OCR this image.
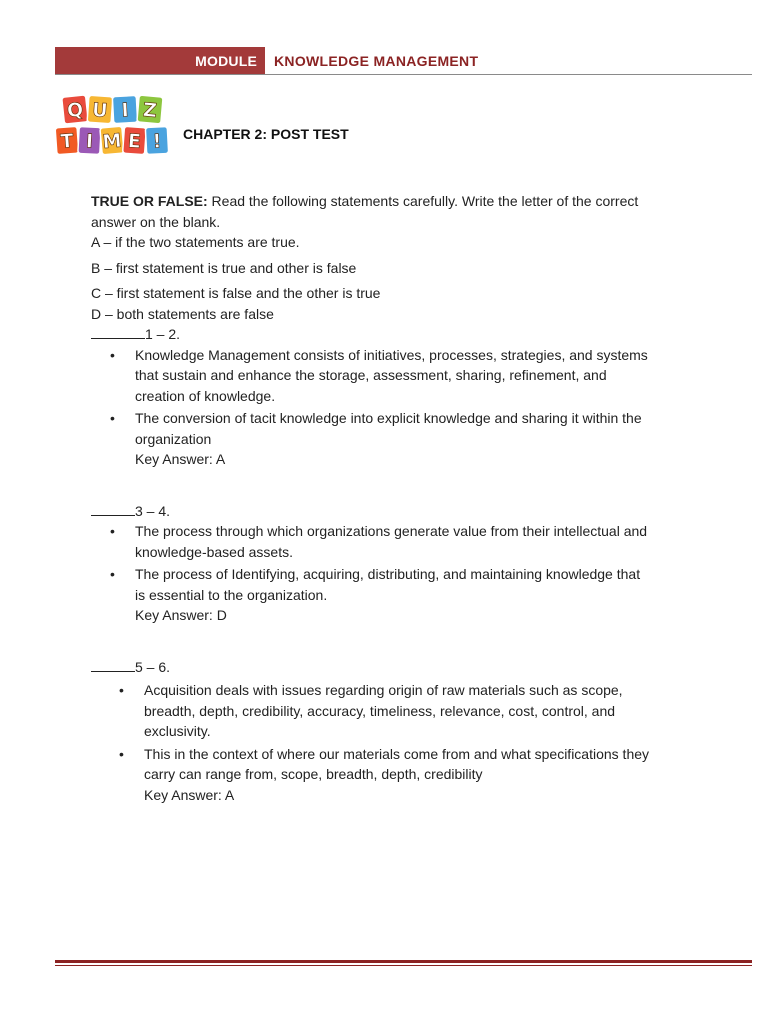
MODULE	KNOWLEDGE MANAGEMENT
Q U I Z
T I M E ! CHAPTER 2: POST TEST

TRUE OR FALSE: Read the following statements carefully. Write the letter of the correct answer on the blank.

A – if the two statements are true.

B – first statement is true and other is false

C – first statement is false and the other is true

D – both statements are false

1 – 2.

• Knowledge Management consists of initiatives, processes, strategies, and systems that sustain and enhance the storage, assessment, sharing, refinement, and creation of knowledge.
• The conversion of tacit knowledge into explicit knowledge and sharing it within the organization
Key Answer: A

3 – 4.

• The process through which organizations generate value from their intellectual and knowledge-based assets.
• The process of Identifying, acquiring, distributing, and maintaining knowledge that is essential to the organization.
Key Answer: D

5 – 6.

• Acquisition deals with issues regarding origin of raw materials such as scope, breadth, depth, credibility, accuracy, timeliness, relevance, cost, control, and exclusivity.
• This in the context of where our materials come from and what specifications they carry can range from, scope, breadth, depth, credibility
Key Answer: A
